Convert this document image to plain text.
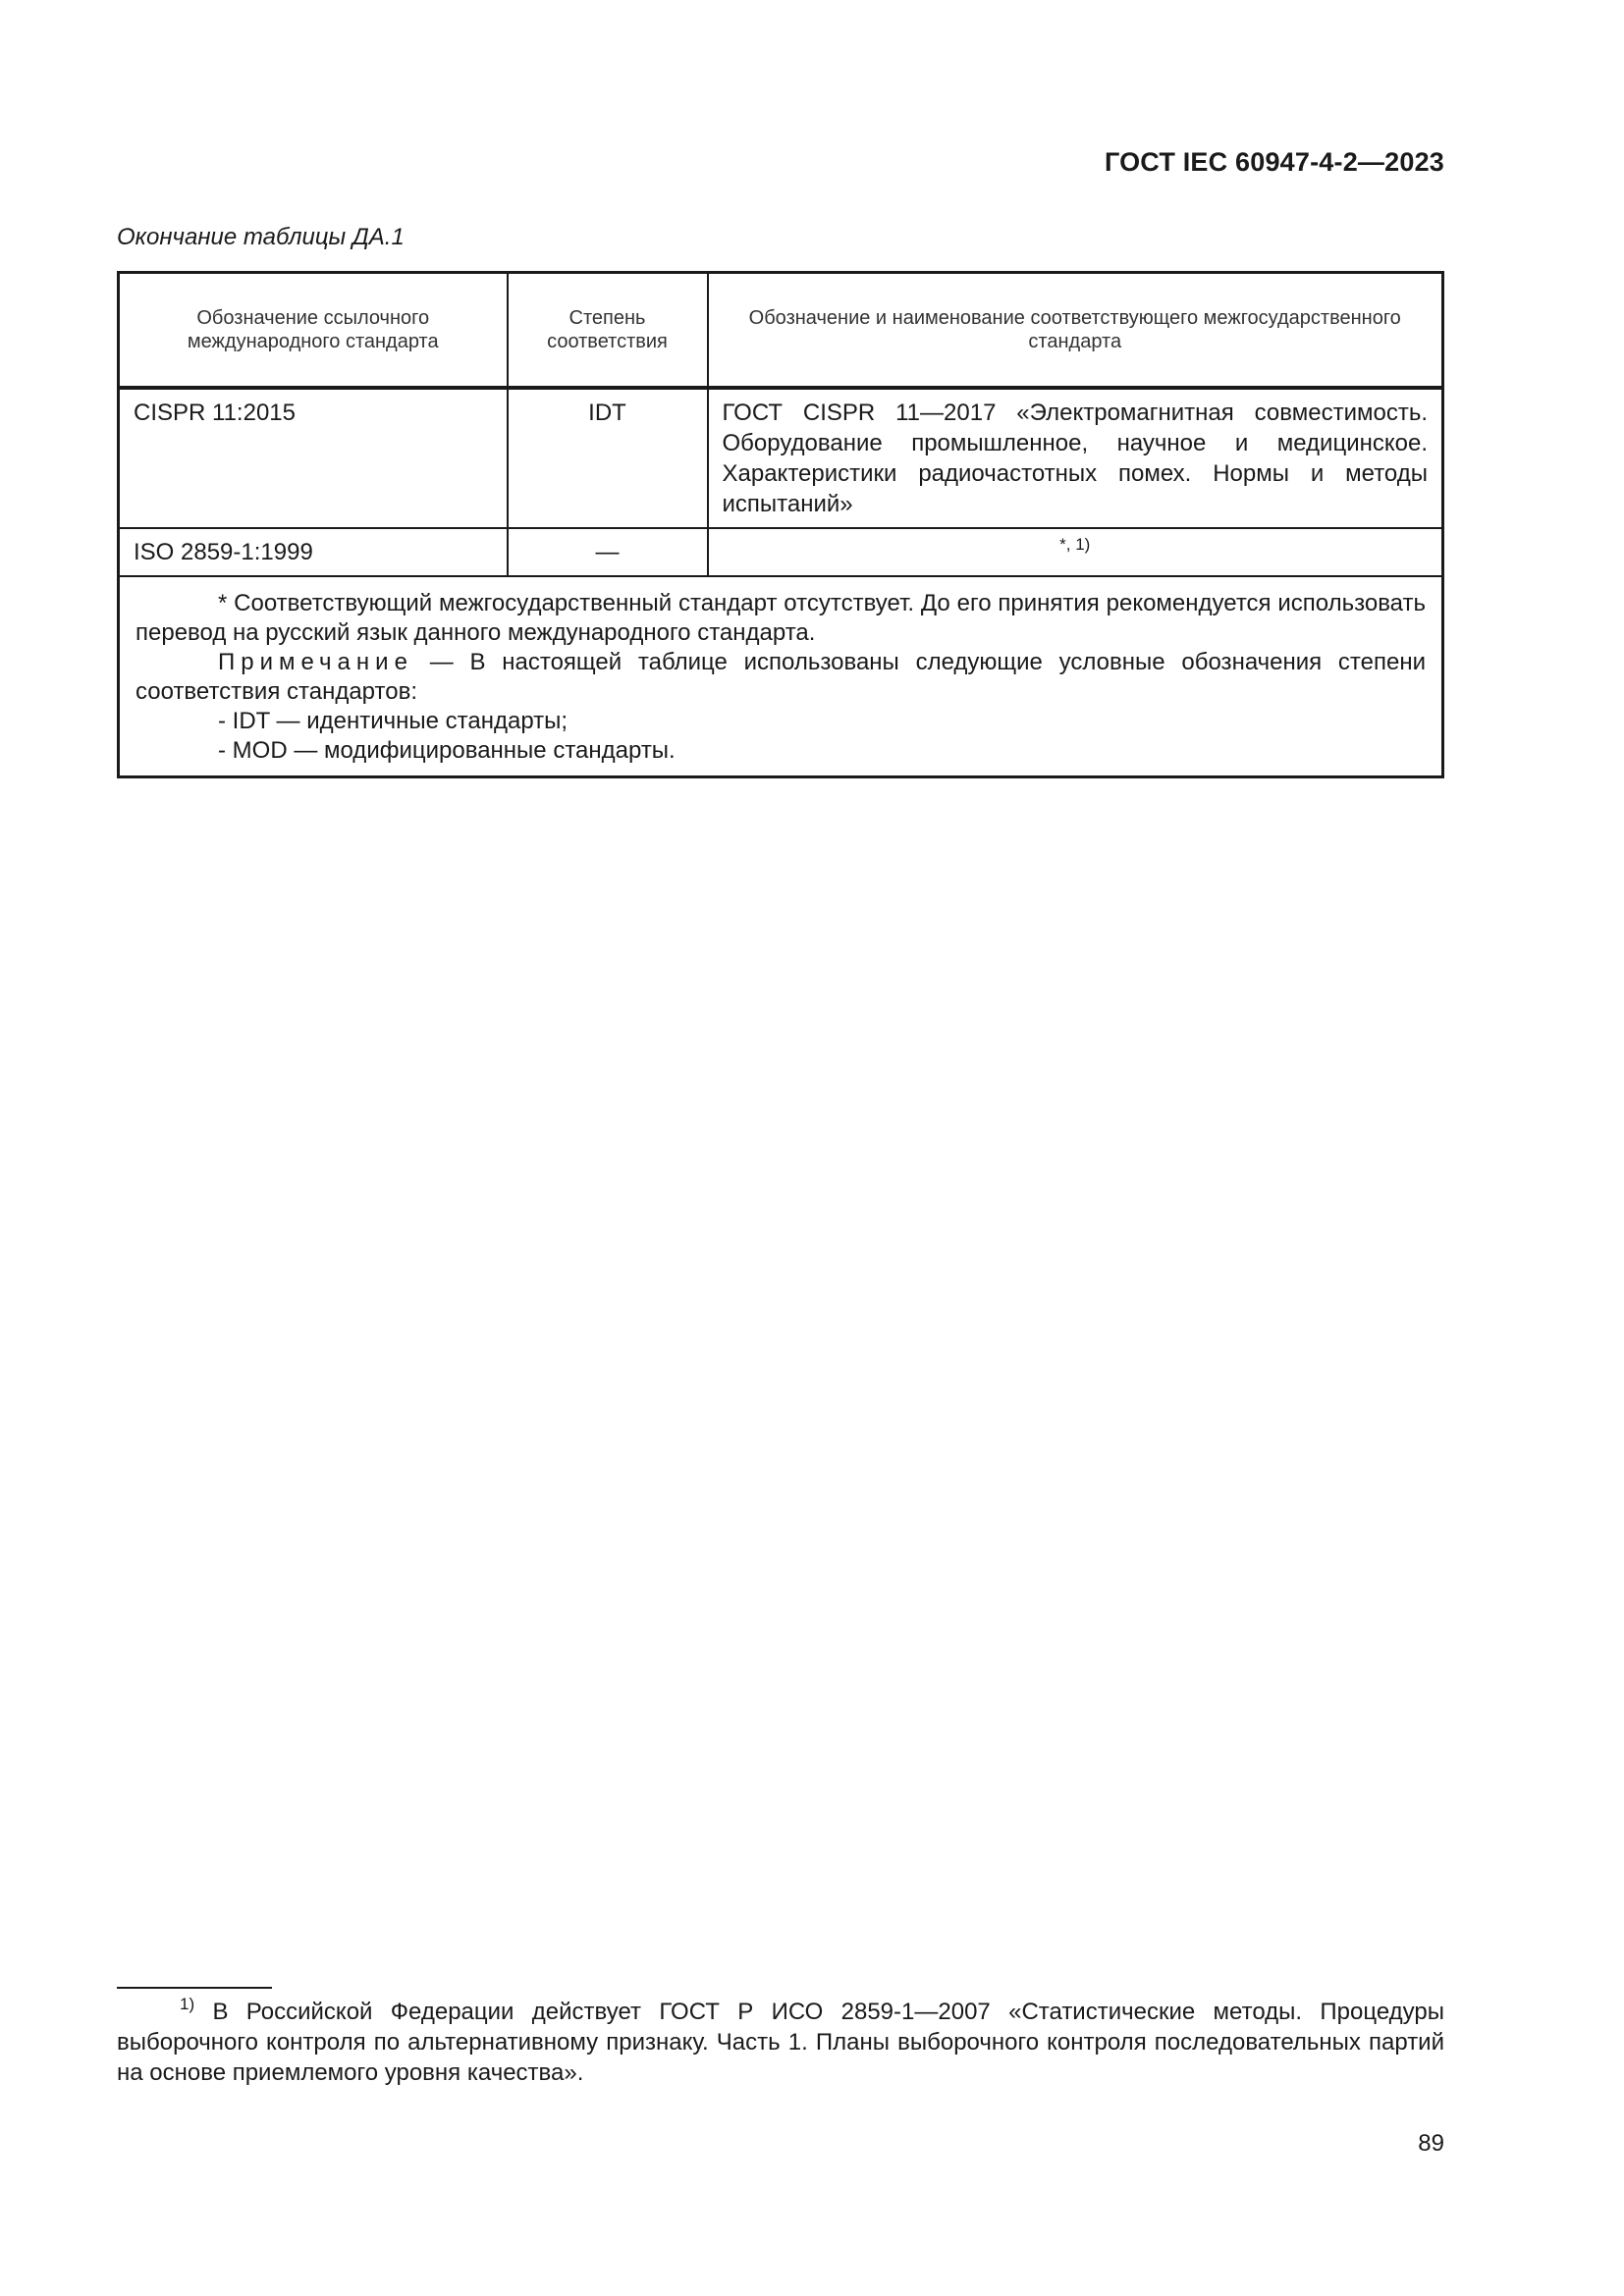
ГОСТ IEC 60947-4-2—2023
Окончание таблицы ДА.1
Обозначение ссылочного международного стандарта	Степень соответствия	Обозначение и наименование соответствующего межгосударственного стандарта
CISPR 11:2015	IDT	ГОСТ CISPR 11—2017 «Электромагнитная совместимость. Оборудование промышленное, научное и медицинское. Характеристики радиочастотных помех. Нормы и методы испытаний»
ISO 2859-1:1999	—	*, 1)

* Соответствующий межгосударственный стандарт отсутствует. До его принятия рекомендуется использовать перевод на русский язык данного международного стандарта.

Примечание — В настоящей таблице использованы следующие условные обозначения степени соответствия стандартов:

- IDT — идентичные стандарты;

- MOD — модифицированные стандарты.		

$^{1)}$ В Российской Федерации действует ГОСТ Р ИСО 2859-1—2007 «Статистические методы. Процедуры выборочного контроля по альтернативному признаку. Часть 1. Планы выборочного контроля последовательных партий на основе приемлемого уровня качества».
89
